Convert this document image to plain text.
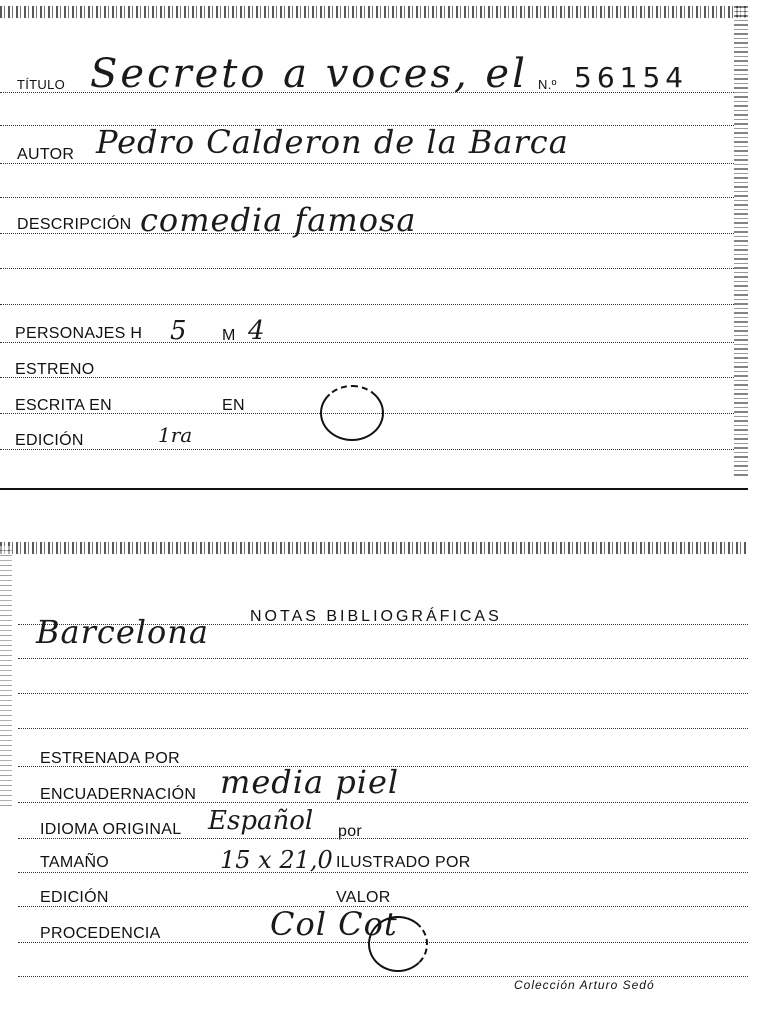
TÍTULO Secreto a voces, el N.º 56154
AUTOR Pedro Calderon de la Barca
DESCRIPCIÓN comedia famosa
PERSONAJES H 5 M 4
ESTRENO
ESCRITA EN	EN
EDICIÓN	1ra
NOTAS BIBLIOGRÁFICAS
Barcelona
ESTRENADA POR
ENCUADERNACIÓN media piel
IDIOMA ORIGINAL Español por
TAMAÑO	15 x 21,0 ILUSTRADO POR
EDICIÓN	VALOR
PROCEDENCIA	Col Cot
Colección Arturo Sedó
